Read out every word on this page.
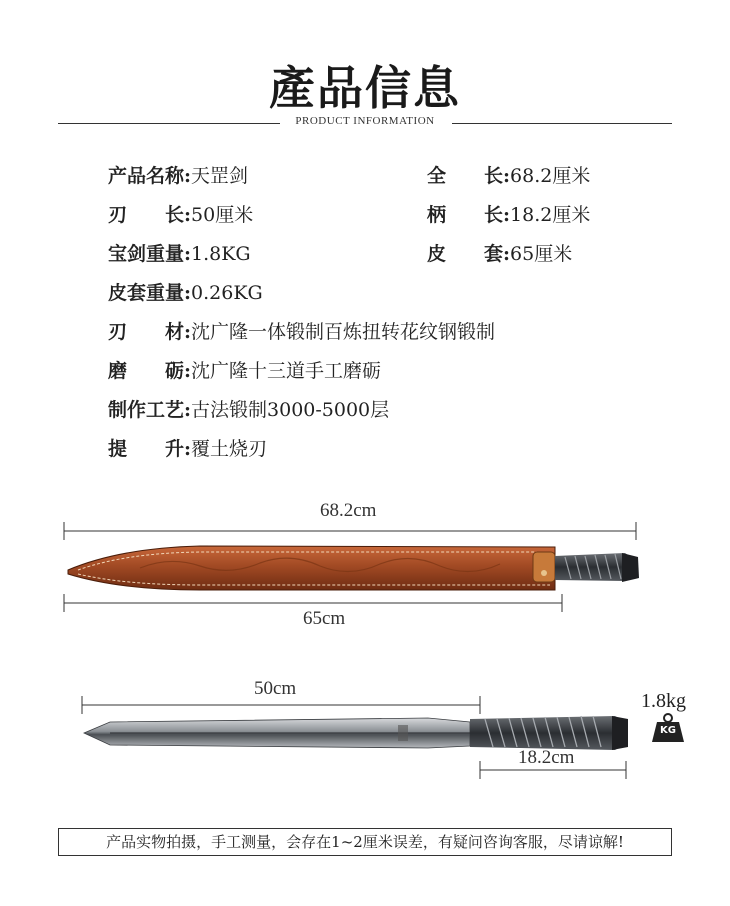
產品信息
PRODUCT INFORMATION
产品名称:天罡剑	全　　长:68.2厘米
刃　　长:50厘米	柄　　长:18.2厘米
宝剑重量:1.8KG	皮　　套:65厘米
皮套重量:0.26KG
刃　　材:沈广隆一体锻制百炼扭转花纹钢锻制
磨　　砺:沈广隆十三道手工磨砺
制作工艺:古法锻制3000-5000层
提　　升:覆土烧刃
68.2cm
65cm
50cm
18.2cm
1.8kg
KG
产品实物拍摄，手工测量，会存在1~2厘米误差，有疑问咨询客服，尽请谅解!
